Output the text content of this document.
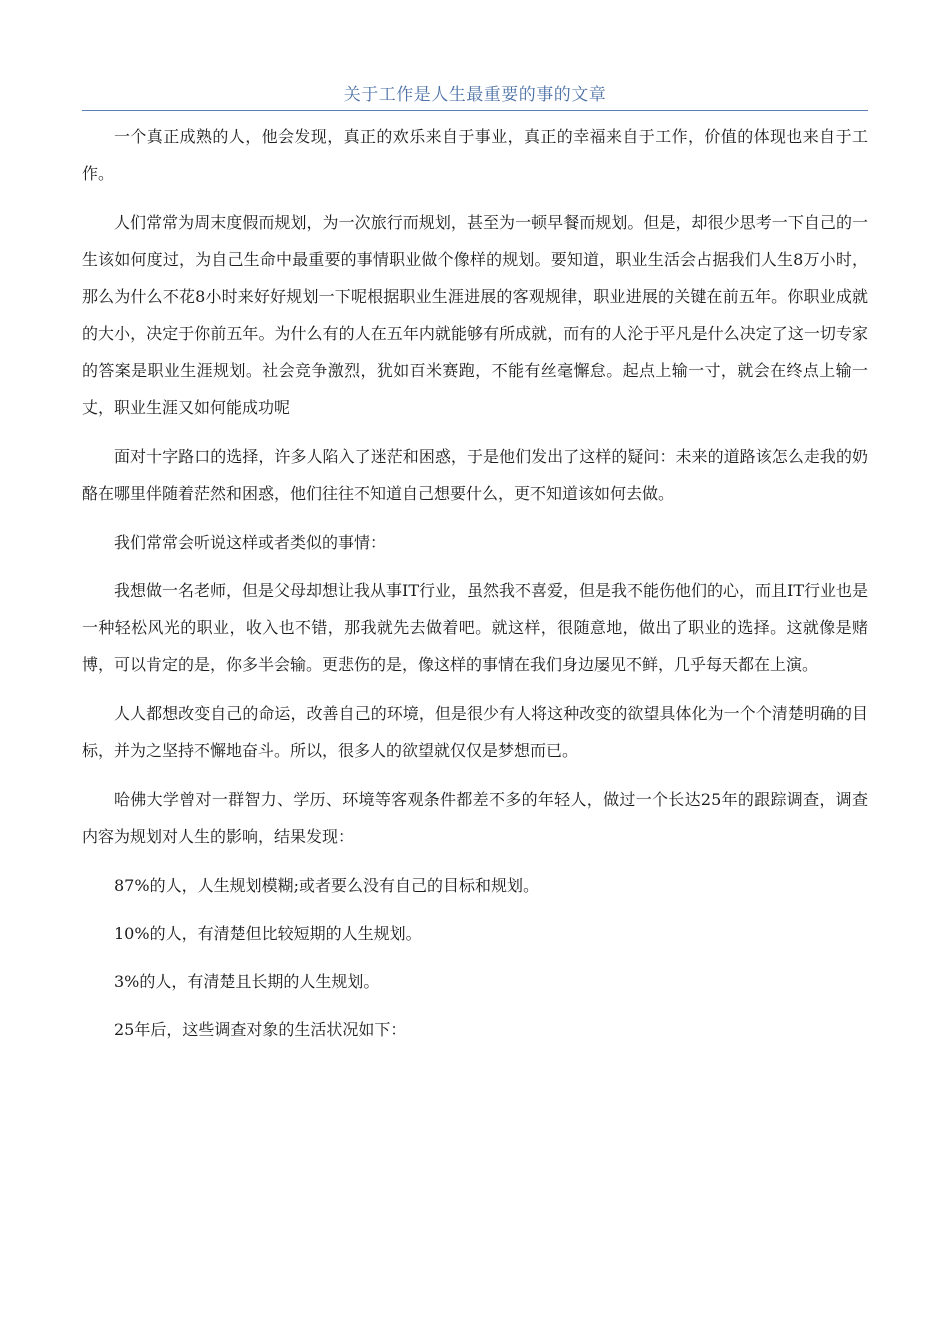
关于工作是人生最重要的事的文章

一个真正成熟的人，他会发现，真正的欢乐来自于事业，真正的幸福来自于工作，价值的体现也来自于工作。

人们常常为周末度假而规划，为一次旅行而规划，甚至为一顿早餐而规划。但是，却很少思考一下自己的一生该如何度过，为自己生命中最重要的事情职业做个像样的规划。要知道，职业生活会占据我们人生8万小时，那么为什么不花8小时来好好规划一下呢根据职业生涯进展的客观规律，职业进展的关键在前五年。你职业成就的大小，决定于你前五年。为什么有的人在五年内就能够有所成就，而有的人沦于平凡是什么决定了这一切专家的答案是职业生涯规划。社会竞争激烈，犹如百米赛跑，不能有丝毫懈怠。起点上输一寸，就会在终点上输一丈，职业生涯又如何能成功呢

面对十字路口的选择，许多人陷入了迷茫和困惑，于是他们发出了这样的疑问：未来的道路该怎么走我的奶酪在哪里伴随着茫然和困惑，他们往往不知道自己想要什么，更不知道该如何去做。

我们常常会听说这样或者类似的事情：

我想做一名老师，但是父母却想让我从事IT行业，虽然我不喜爱，但是我不能伤他们的心，而且IT行业也是一种轻松风光的职业，收入也不错，那我就先去做着吧。就这样，很随意地，做出了职业的选择。这就像是赌博，可以肯定的是，你多半会输。更悲伤的是，像这样的事情在我们身边屡见不鲜，几乎每天都在上演。

人人都想改变自己的命运，改善自己的环境，但是很少有人将这种改变的欲望具体化为一个个清楚明确的目标，并为之坚持不懈地奋斗。所以，很多人的欲望就仅仅是梦想而已。

哈佛大学曾对一群智力、学历、环境等客观条件都差不多的年轻人，做过一个长达25年的跟踪调查，调查内容为规划对人生的影响，结果发现：

87%的人，人生规划模糊;或者要么没有自己的目标和规划。

10%的人，有清楚但比较短期的人生规划。

3%的人，有清楚且长期的人生规划。

25年后，这些调查对象的生活状况如下：
